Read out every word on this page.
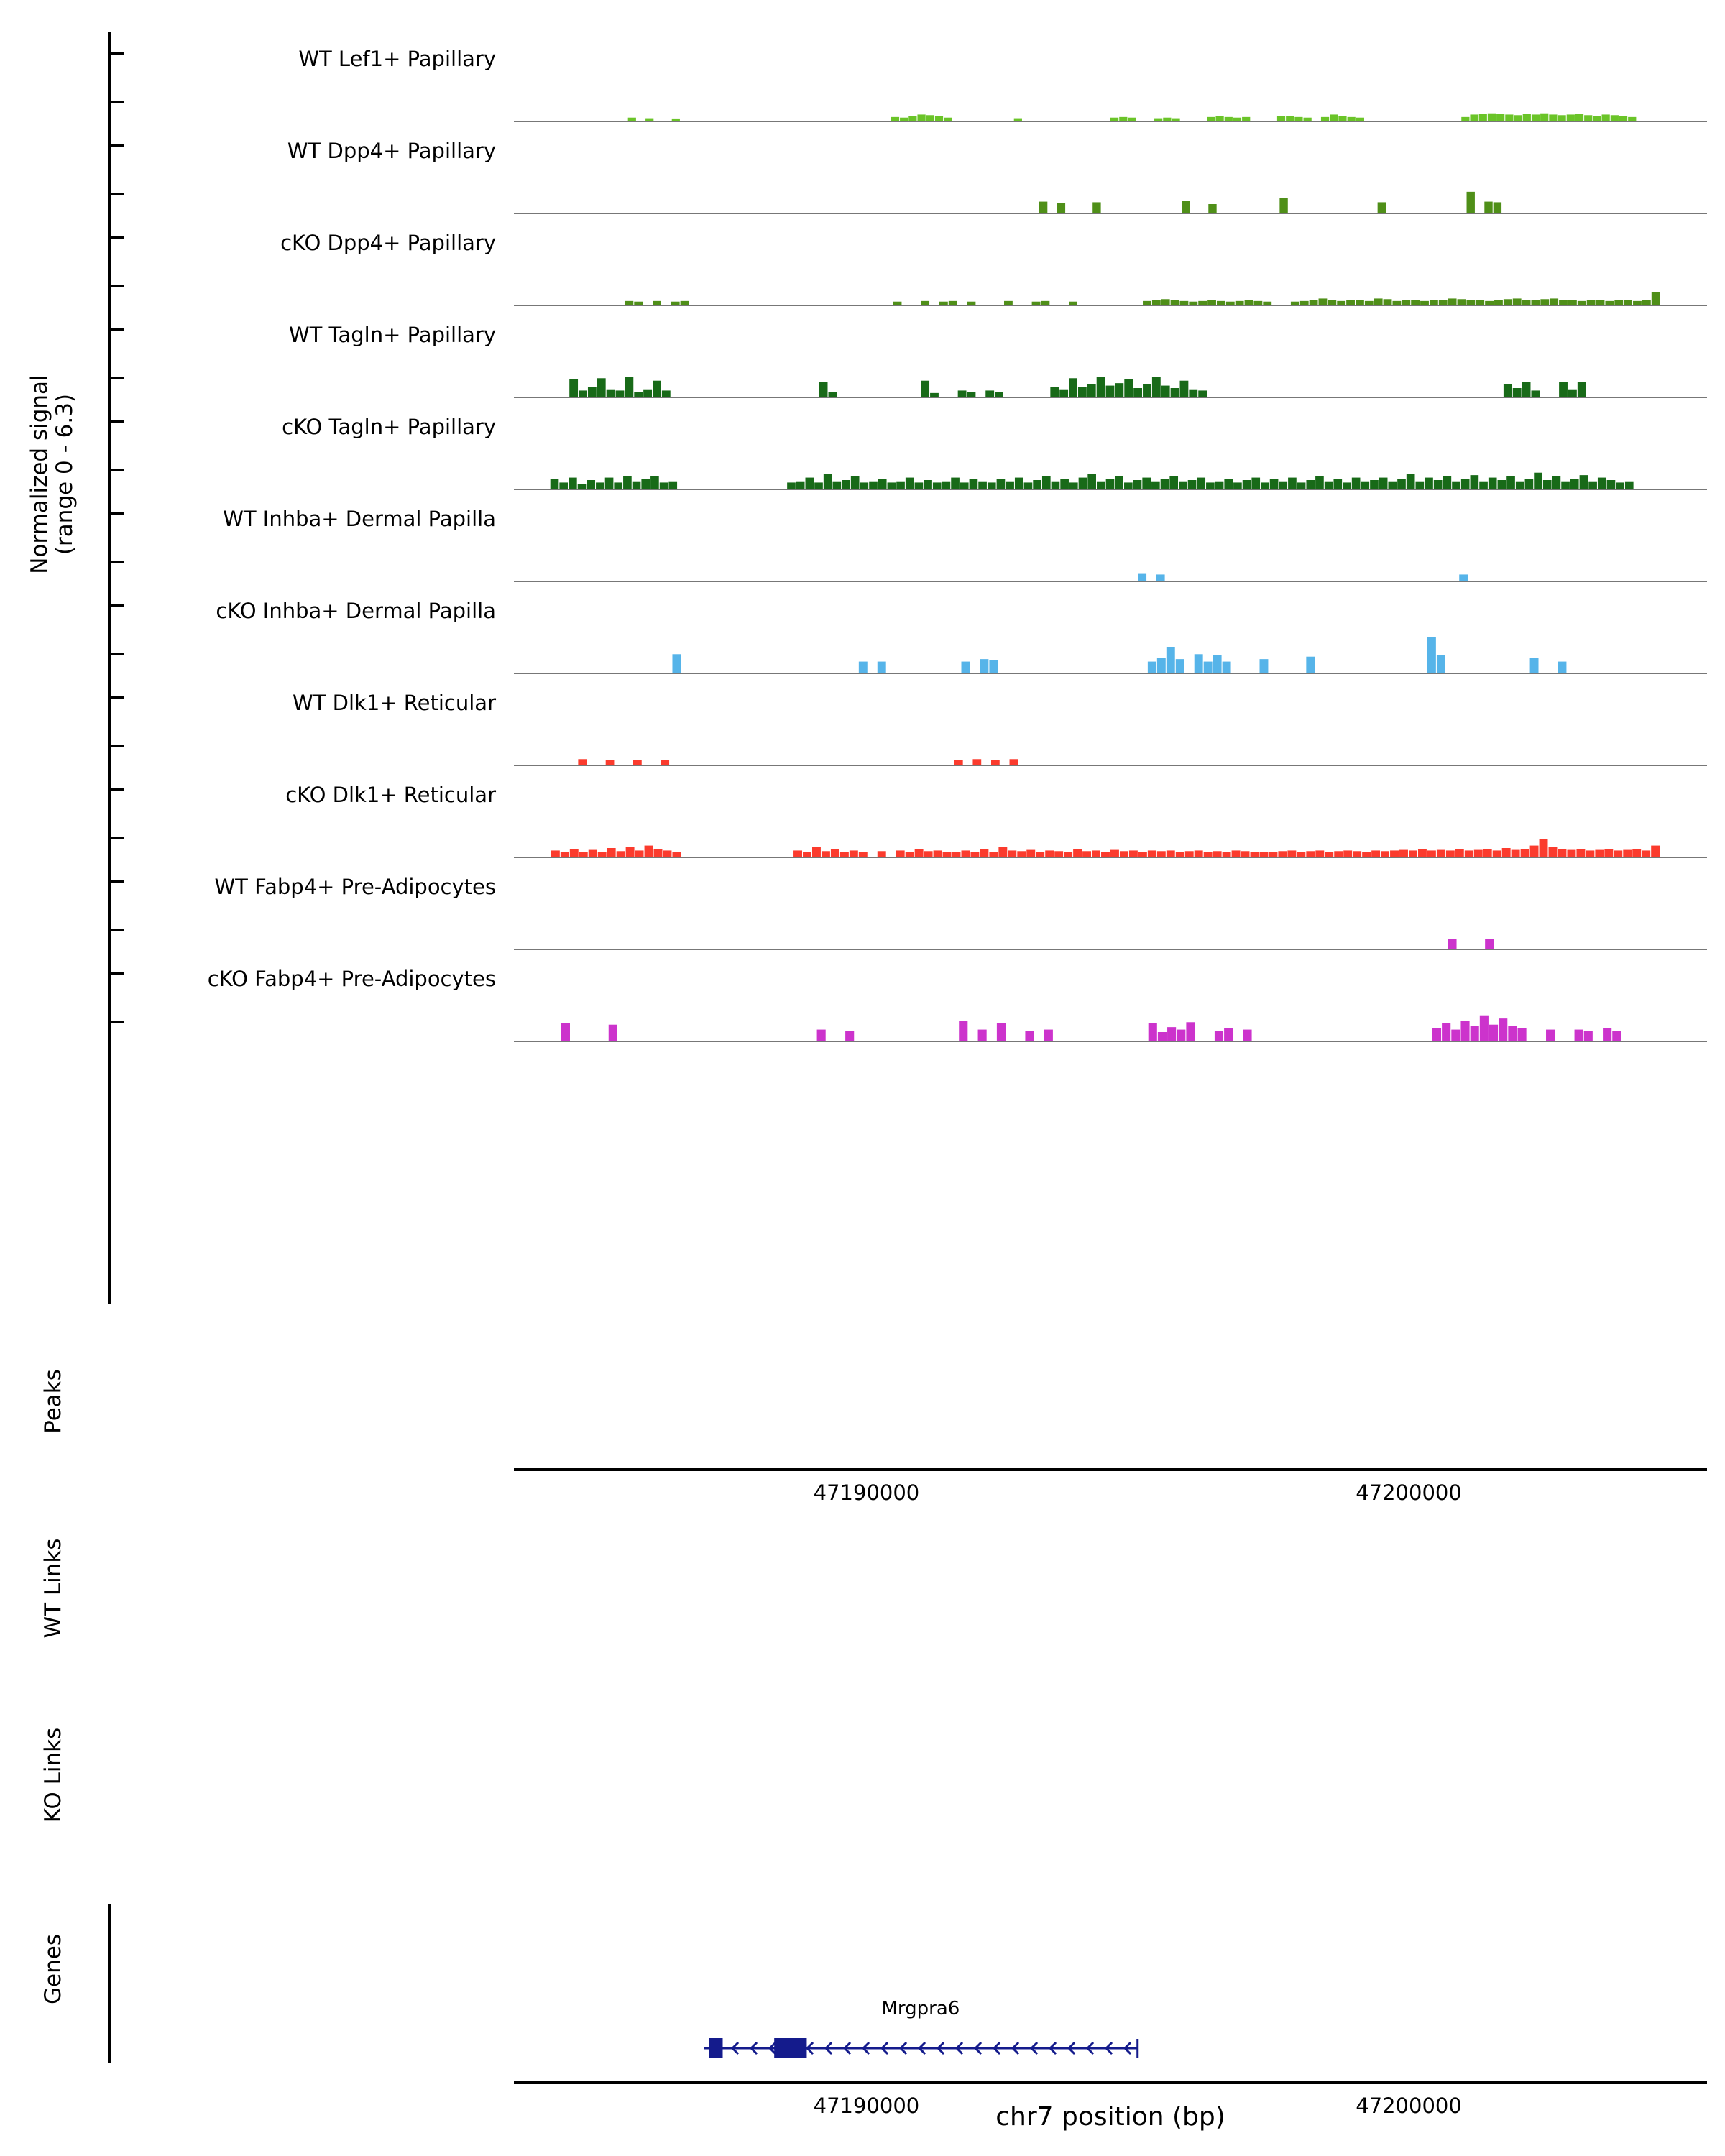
Normalized signal
(range 0 - 6.3)
Peaks
WT Links
KO Links
Genes
WT Lef1+ Papillary
WT Dpp4+ Papillary
cKO Dpp4+ Papillary
WT Tagln+ Papillary
cKO Tagln+ Papillary
WT Inhba+ Dermal Papilla
cKO Inhba+ Dermal Papilla
WT Dlk1+ Reticular
cKO Dlk1+ Reticular
WT Fabp4+ Pre-Adipocytes
cKO Fabp4+ Pre-Adipocytes
47190000	47200000
Mrgpra6
47190000	47200000
chr7 position (bp)
